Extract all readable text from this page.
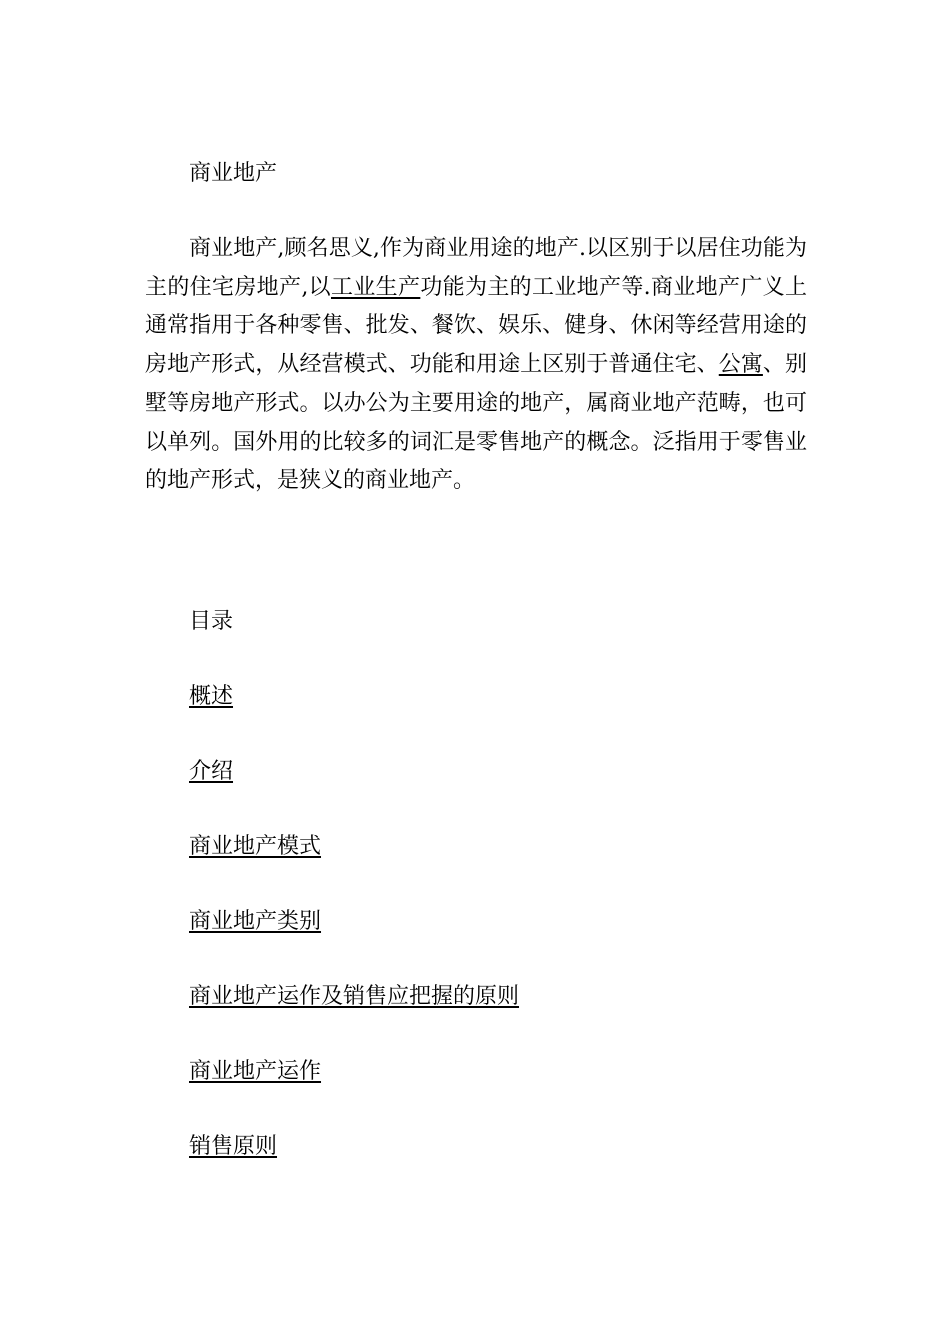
商业地产

商业地产,顾名思义,作为商业用途的地产.以区别于以居住功能为主的住宅房地产,以工业生产功能为主的工业地产等.商业地产广义上通常指用于各种零售、批发、餐饮、娱乐、健身、休闲等经营用途的房地产形式，从经营模式、功能和用途上区别于普通住宅、公寓、别墅等房地产形式。以办公为主要用途的地产，属商业地产范畴，也可以单列。国外用的比较多的词汇是零售地产的概念。泛指用于零售业的地产形式，是狭义的商业地产。

目录
概述
介绍
商业地产模式
商业地产类别
商业地产运作及销售应把握的原则
商业地产运作
销售原则
